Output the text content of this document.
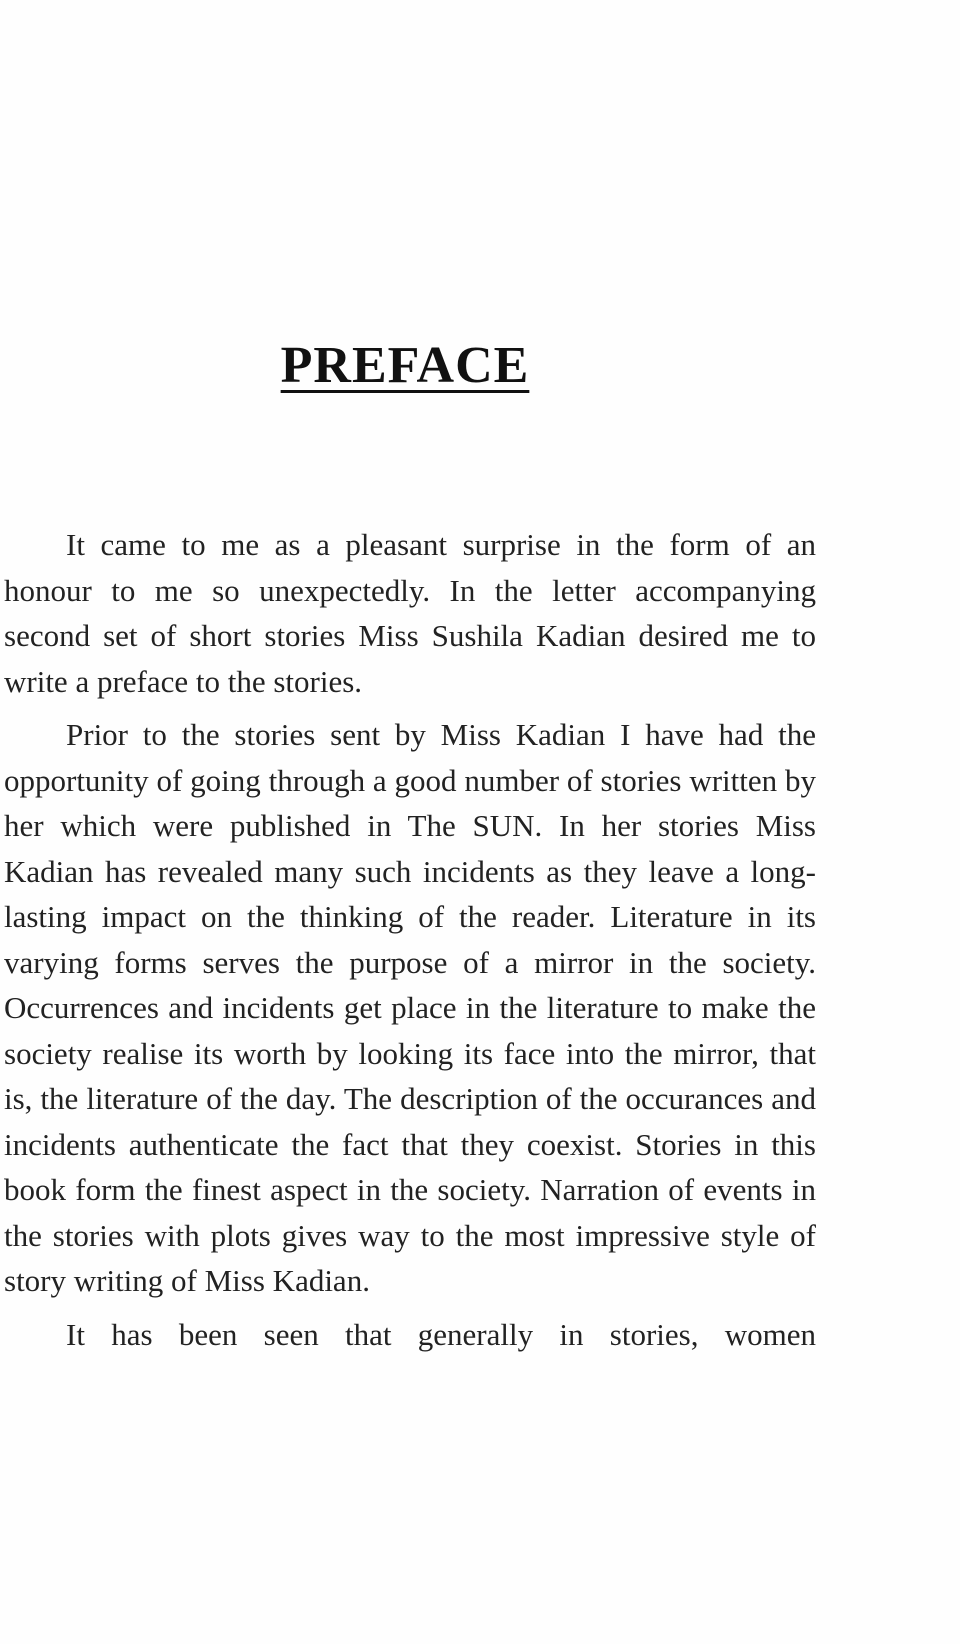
PREFACE

It came to me as a pleasant surprise in the form of an honour to me so unexpectedly. In the letter accompanying second set of short stories Miss Sushila Kadian desired me to write a preface to the stories.

Prior to the stories sent by Miss Kadian I have had the opportunity of going through a good number of stories written by her which were published in The SUN. In her stories Miss Kadian has revealed many such incidents as they leave a long-lasting impact on the thinking of the reader. Literature in its varying forms serves the purpose of a mirror in the society. Occurrences and incidents get place in the literature to make the society realise its worth by looking its face into the mirror, that is, the literature of the day. The description of the occurances and incidents authenticate the fact that they coexist. Stories in this book form the finest aspect in the society. Narration of events in the stories with plots gives way to the most impressive style of story writing of Miss Kadian.

It has been seen that generally in stories, women
